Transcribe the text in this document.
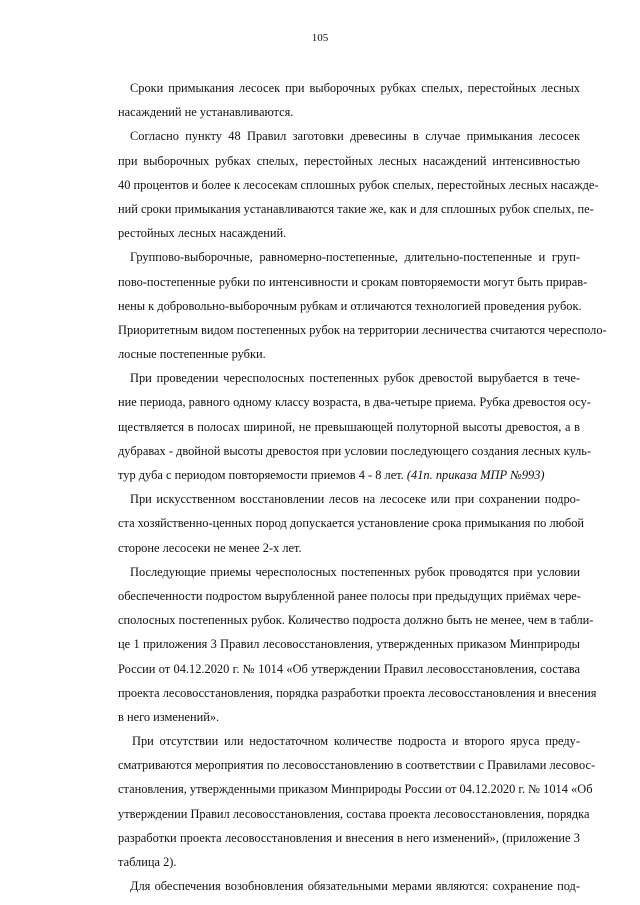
105
Сроки примыкания лесосек при выборочных рубках спелых, перестойных лесных
насаждений не устанавливаются.
Согласно пункту 48 Правил заготовки древесины в случае примыкания лесосек
при выборочных рубках спелых, перестойных лесных насаждений интенсивностью
40 процентов и более к лесосекам сплошных рубок спелых, перестойных лесных насажде-
ний сроки примыкания устанавливаются такие же, как и для сплошных рубок спелых, пе-
рестойных лесных насаждений.
Группово-выборочные, равномерно-постепенные, длительно-постепенные и груп-
пово-постепенные рубки по интенсивности и срокам повторяемости могут быть прирав-
нены к добровольно-выборочным рубкам и отличаются технологией проведения рубок.
Приоритетным видом постепенных рубок на территории лесничества считаются чересполо-
лосные постепенные рубки.
При проведении чересполосных постепенных рубок древостой вырубается в тече-
ние периода, равного одному классу возраста, в два-четыре приема. Рубка древостоя осу-
ществляется в полосах шириной, не превышающей полуторной высоты древостоя, а в
дубравах - двойной высоты древостоя при условии последующего создания лесных куль-
тур дуба с периодом повторяемости приемов 4 - 8 лет. (41п. приказа МПР №993)
При искусственном восстановлении лесов на лесосеке или при сохранении подро-
ста хозяйственно-ценных пород допускается установление срока примыкания по любой
стороне лесосеки не менее 2-х лет.
Последующие приемы чересполосных постепенных рубок проводятся при условии
обеспеченности подростом вырубленной ранее полосы при предыдущих приёмах чере-
сполосных постепенных рубок. Количество подроста должно быть не менее, чем в табли-
це 1 приложения 3 Правил лесовосстановления, утвержденных приказом Минприроды
России от 04.12.2020 г. № 1014 «Об утверждении Правил лесовосстановления, состава
проекта лесовосстановления, порядка разработки проекта лесовосстановления и внесения
в него изменений».
При отсутствии или недостаточном количестве подроста и второго яруса преду-
сматриваются мероприятия по лесовосстановлению в соответствии с Правилами лесовос-
становления, утвержденными приказом Минприроды России от 04.12.2020 г. № 1014 «Об
утверждении Правил лесовосстановления, состава проекта лесовосстановления, порядка
разработки проекта лесовосстановления и внесения в него изменений», (приложение 3
таблица 2).
Для обеспечения возобновления обязательными мерами являются: сохранение под-
